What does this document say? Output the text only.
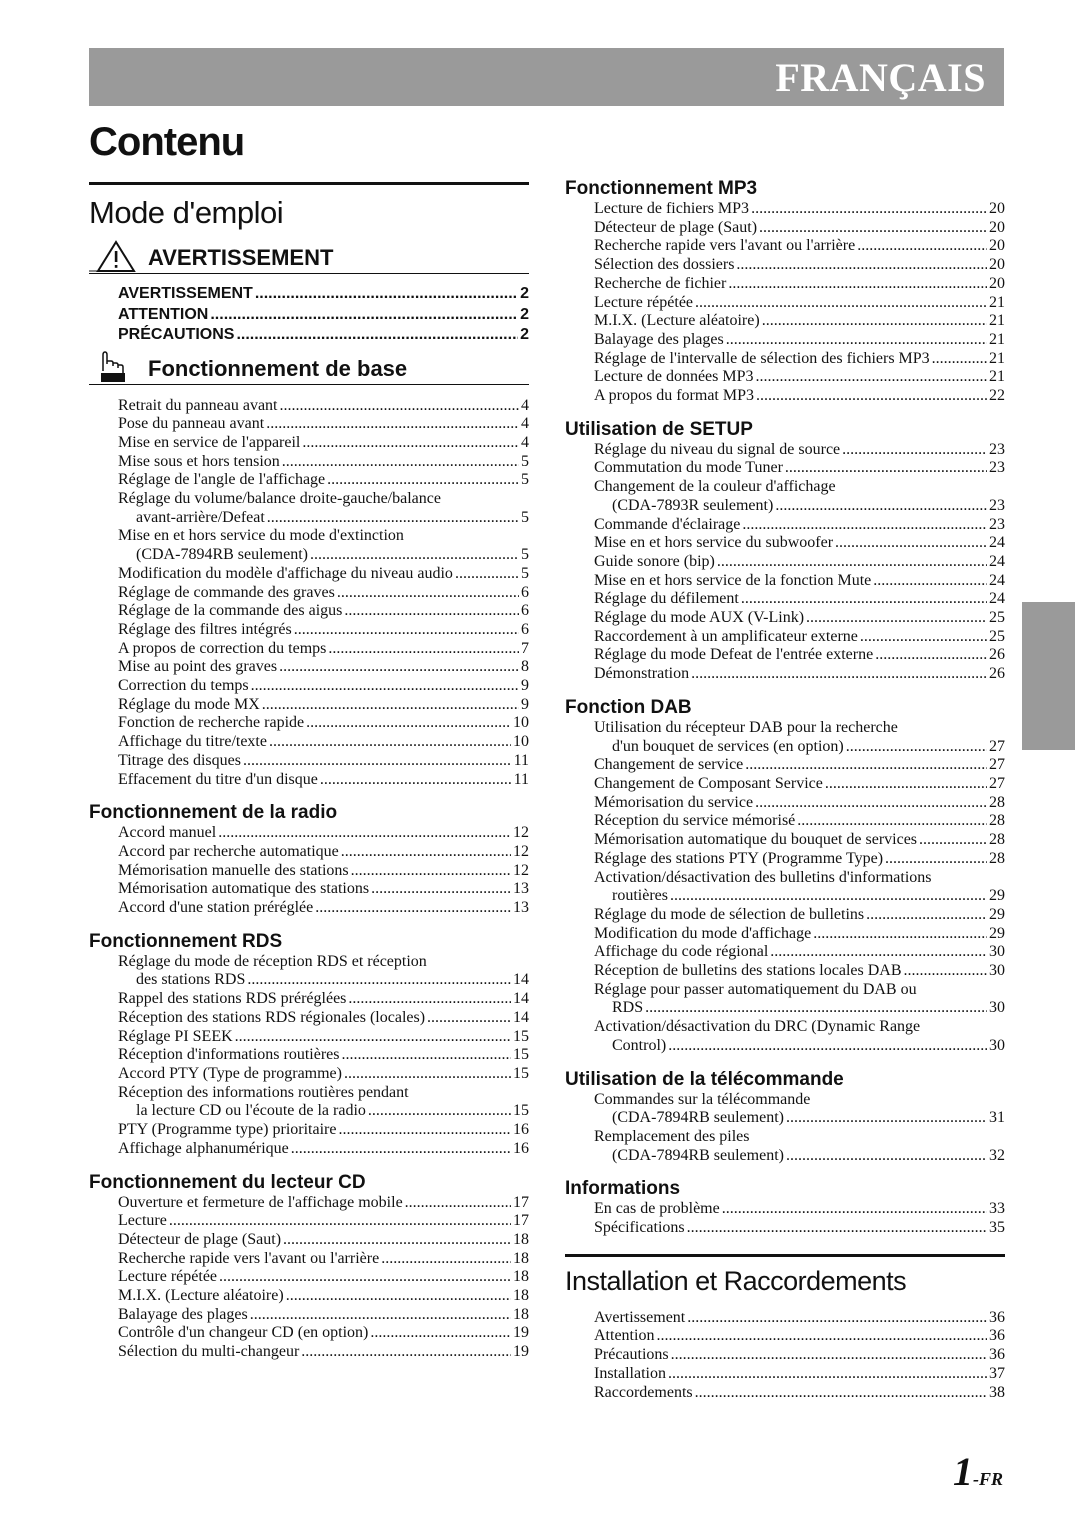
FRANÇAIS
Contenu
Mode d'emploi
AVERTISSEMENT
AVERTISSEMENT .....	2
ATTENTION .....	2
PRÉCAUTIONS .....	2
Fonctionnement de base
Retrait du panneau avant .....	4
Pose du panneau avant .....	4
Mise en service de l'appareil .....	4
Mise sous et hors tension .....	5
Réglage de l'angle de l'affichage .....	5
Réglage du volume/balance droite-gauche/balance
avant-arrière/Defeat .....	5
Mise en et hors service du mode d'extinction
(CDA-7894RB seulement) .....	5
Modification du modèle d'affichage du niveau audio .....	5
Réglage de commande des graves .....	6
Réglage de la commande des aigus .....	6
Réglage des filtres intégrés .....	6
A propos de correction du temps .....	7
Mise au point des graves .....	8
Correction du temps .....	9
Réglage du mode MX .....	9
Fonction de recherche rapide .....	10
Affichage du titre/texte .....	10
Titrage des disques .....	11
Effacement du titre d'un disque .....	11
Fonctionnement de la radio
Accord manuel .....	12
Accord par recherche automatique .....	12
Mémorisation manuelle des stations .....	12
Mémorisation automatique des stations .....	13
Accord d'une station préréglée .....	13
Fonctionnement RDS
Réglage du mode de réception RDS et réception
des stations RDS .....	14
Rappel des stations RDS préréglées .....	14
Réception des stations RDS régionales (locales) .....	14
Réglage PI SEEK .....	15
Réception d'informations routières .....	15
Accord PTY (Type de programme) .....	15
Réception des informations routières pendant
la lecture CD ou l'écoute de la radio .....	15
PTY (Programme type) prioritaire .....	16
Affichage alphanumérique .....	16
Fonctionnement du lecteur CD
Ouverture et fermeture de l'affichage mobile .....	17
Lecture .....	17
Détecteur de plage (Saut) .....	18
Recherche rapide vers l'avant ou l'arrière .....	18
Lecture répétée .....	18
M.I.X. (Lecture aléatoire) .....	18
Balayage des plages .....	18
Contrôle d'un changeur CD (en option) .....	19
Sélection du multi-changeur .....	19
Fonctionnement MP3
Lecture de fichiers MP3 .....	20
Détecteur de plage (Saut) .....	20
Recherche rapide vers l'avant ou l'arrière .....	20
Sélection des dossiers .....	20
Recherche de fichier .....	20
Lecture répétée .....	21
M.I.X. (Lecture aléatoire) .....	21
Balayage des plages .....	21
Réglage de l'intervalle de sélection des fichiers MP3 .....	21
Lecture de données MP3 .....	21
A propos du format MP3 .....	22
Utilisation de SETUP
Réglage du niveau du signal de source .....	23
Commutation du mode Tuner .....	23
Changement de la couleur d'affichage
(CDA-7893R seulement) .....	23
Commande d'éclairage .....	23
Mise en et hors service du subwoofer .....	24
Guide sonore (bip) .....	24
Mise en et hors service de la fonction Mute .....	24
Réglage du défilement .....	24
Réglage du mode AUX (V-Link) .....	25
Raccordement à un amplificateur externe .....	25
Réglage du mode Defeat de l'entrée externe .....	26
Démonstration .....	26
Fonction DAB
Utilisation du récepteur DAB pour la recherche
d'un bouquet de services (en option) .....	27
Changement de service .....	27
Changement de Composant Service .....	27
Mémorisation du service .....	28
Réception du service mémorisé .....	28
Mémorisation automatique du bouquet de services .....	28
Réglage des stations PTY (Programme Type) .....	28
Activation/désactivation des bulletins d'informations
routières .....	29
Réglage du mode de sélection de bulletins .....	29
Modification du mode d'affichage .....	29
Affichage du code régional .....	30
Réception de bulletins des stations locales DAB .....	30
Réglage pour passer automatiquement du DAB ou
RDS .....	30
Activation/désactivation du DRC (Dynamic Range
Control) .....	30
Utilisation de la télécommande
Commandes sur la télécommande
(CDA-7894RB seulement) .....	31
Remplacement des piles
(CDA-7894RB seulement) .....	32
Informations
En cas de problème .....	33
Spécifications .....	35
Installation et Raccordements
Avertissement .....	36
Attention .....	36
Précautions .....	36
Installation .....	37
Raccordements .....	38
1-FR
